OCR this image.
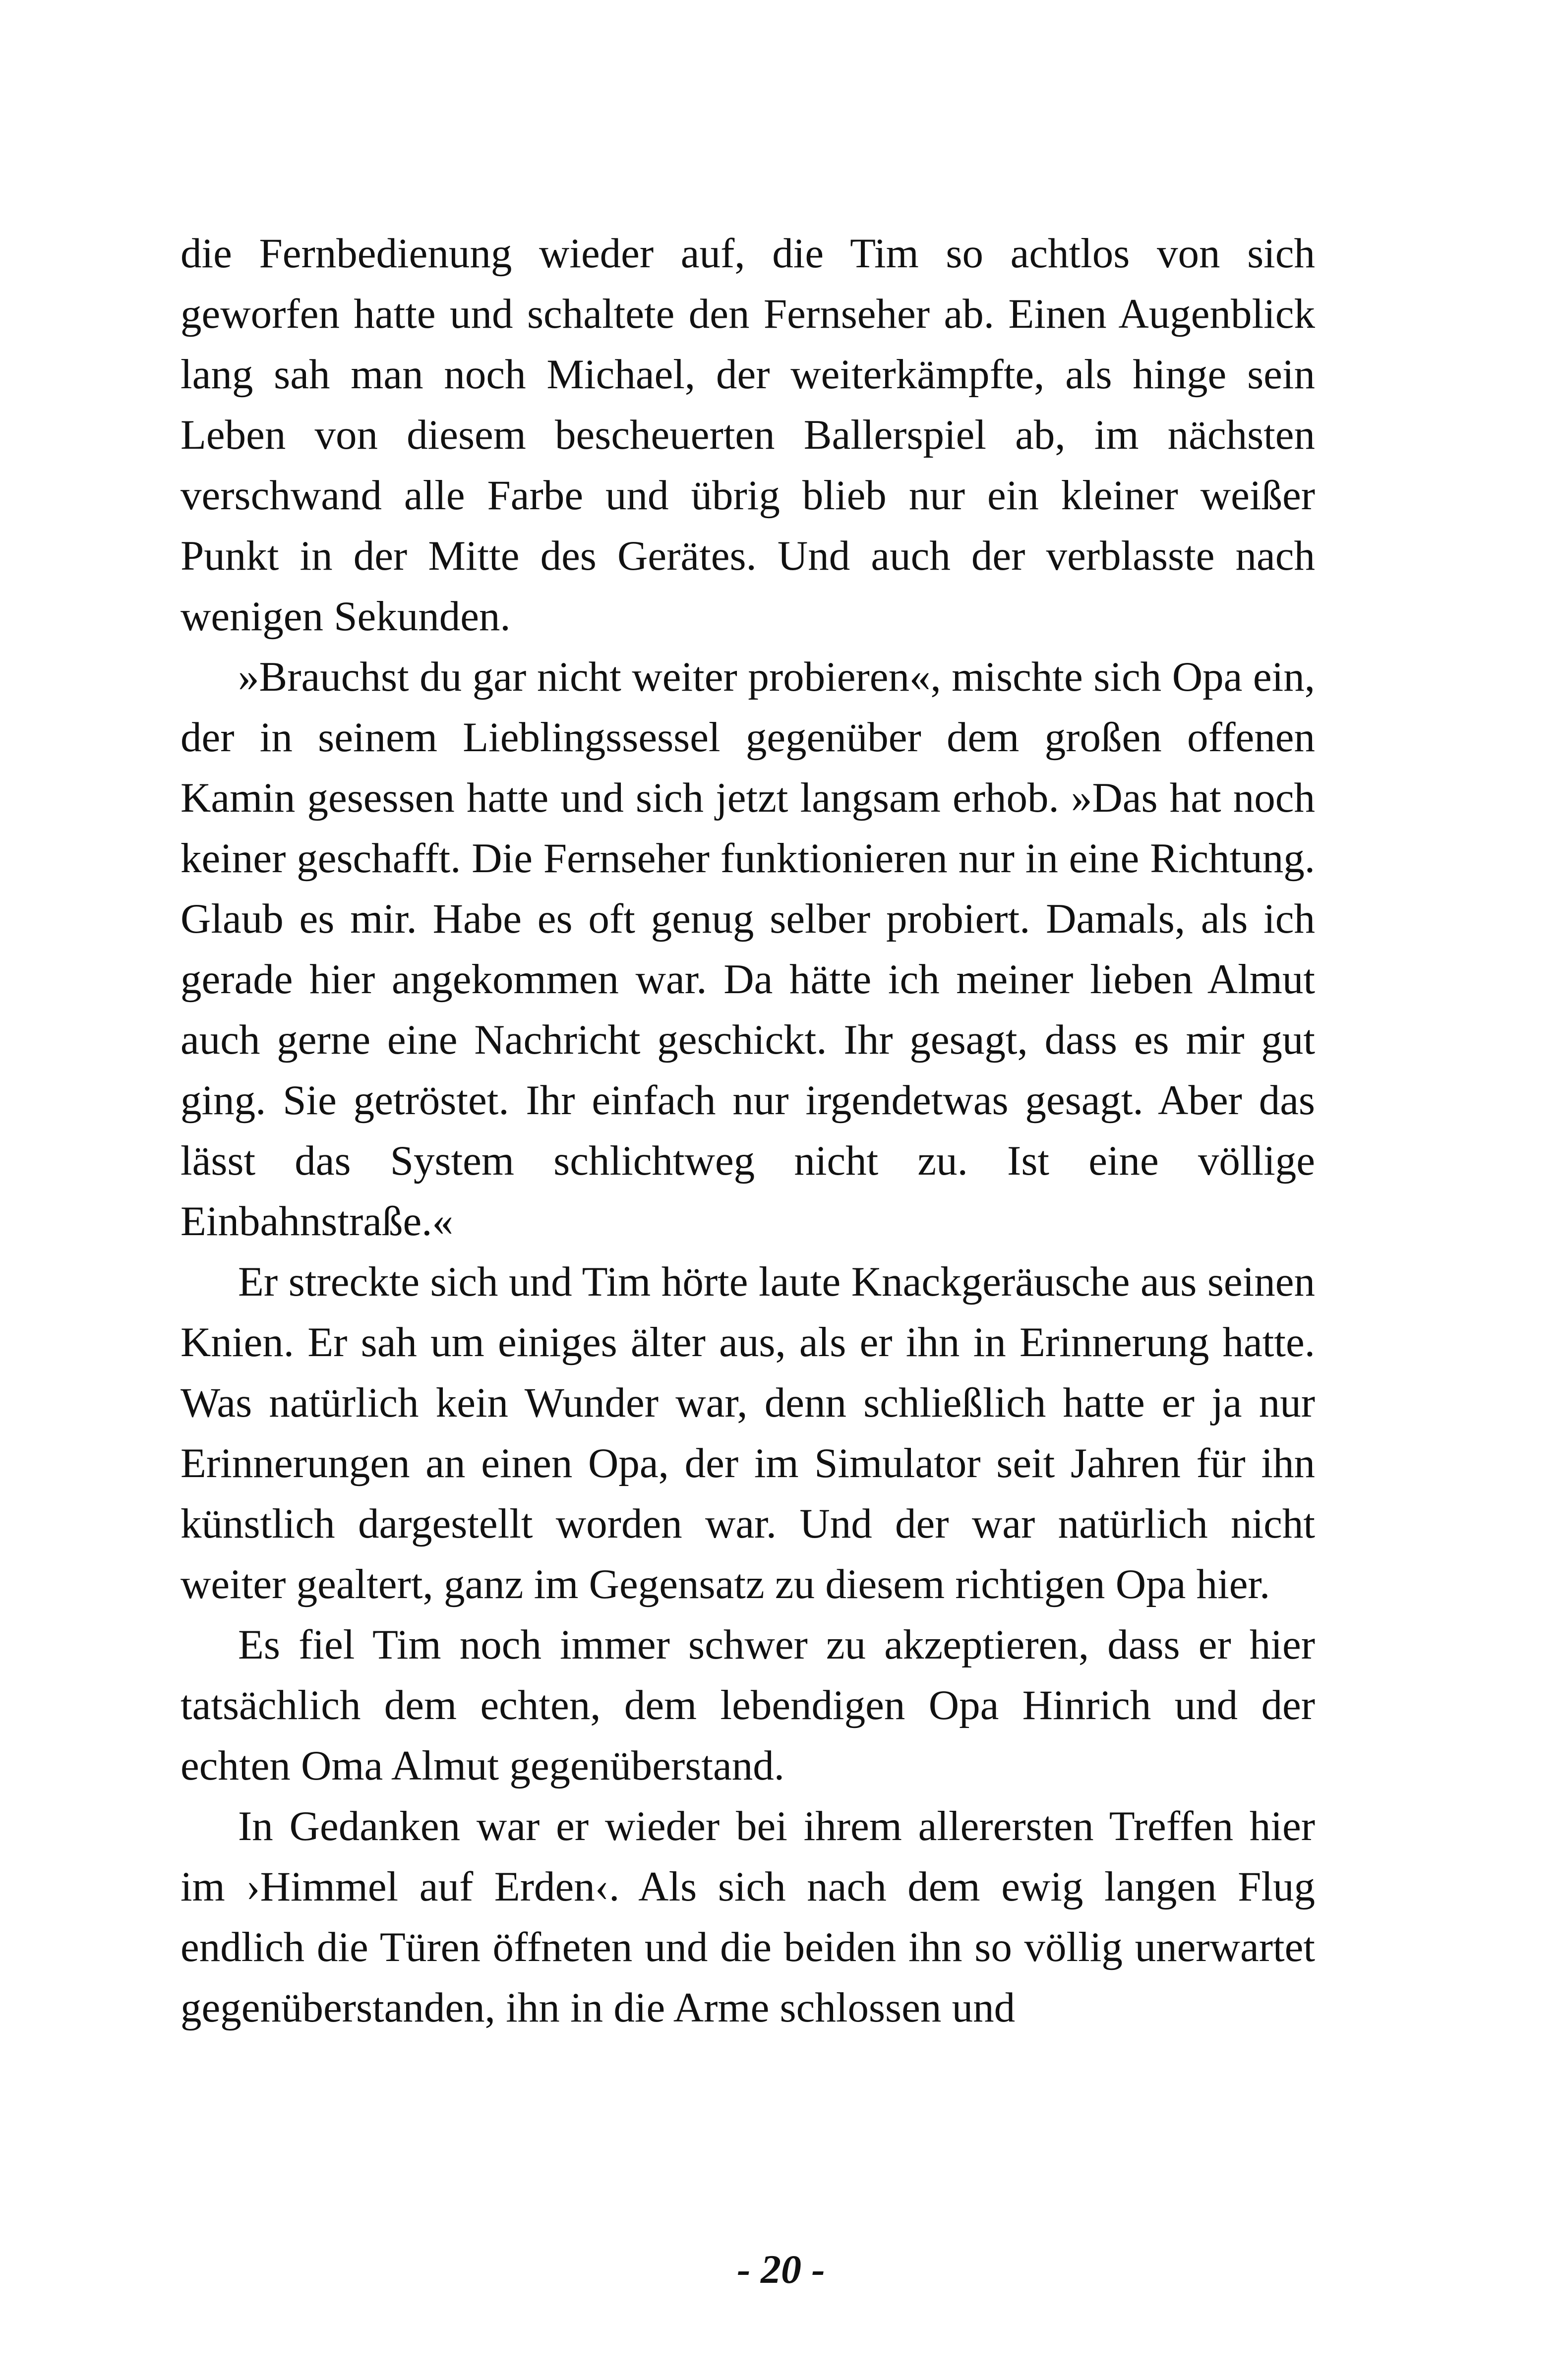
die Fernbedienung wieder auf, die Tim so achtlos von sich geworfen hatte und schaltete den Fernseher ab. Einen Augenblick lang sah man noch Michael, der weiterkämpfte, als hinge sein Leben von diesem bescheuerten Ballerspiel ab, im nächsten verschwand alle Farbe und übrig blieb nur ein kleiner weißer Punkt in der Mitte des Gerätes. Und auch der verblasste nach wenigen Sekunden.

»Brauchst du gar nicht weiter probieren«, mischte sich Opa ein, der in seinem Lieblingssessel gegenüber dem großen offenen Kamin gesessen hatte und sich jetzt langsam erhob. »Das hat noch keiner geschafft. Die Fernseher funktionieren nur in eine Richtung. Glaub es mir. Habe es oft genug selber probiert. Damals, als ich gerade hier angekommen war. Da hätte ich meiner lieben Almut auch gerne eine Nachricht geschickt. Ihr gesagt, dass es mir gut ging. Sie getröstet. Ihr einfach nur irgendetwas gesagt. Aber das lässt das System schlichtweg nicht zu. Ist eine völlige Einbahnstraße.«

Er streckte sich und Tim hörte laute Knackgeräusche aus seinen Knien. Er sah um einiges älter aus, als er ihn in Erinnerung hatte. Was natürlich kein Wunder war, denn schließlich hatte er ja nur Erinnerungen an einen Opa, der im Simulator seit Jahren für ihn künstlich dargestellt worden war. Und der war natürlich nicht weiter gealtert, ganz im Gegensatz zu diesem richtigen Opa hier.

Es fiel Tim noch immer schwer zu akzeptieren, dass er hier tatsächlich dem echten, dem lebendigen Opa Hinrich und der echten Oma Almut gegenüberstand.

In Gedanken war er wieder bei ihrem allerersten Treffen hier im ›Himmel auf Erden‹. Als sich nach dem ewig langen Flug endlich die Türen öffneten und die beiden ihn so völlig unerwartet gegenüberstanden, ihn in die Arme schlossen und

- 20 -
